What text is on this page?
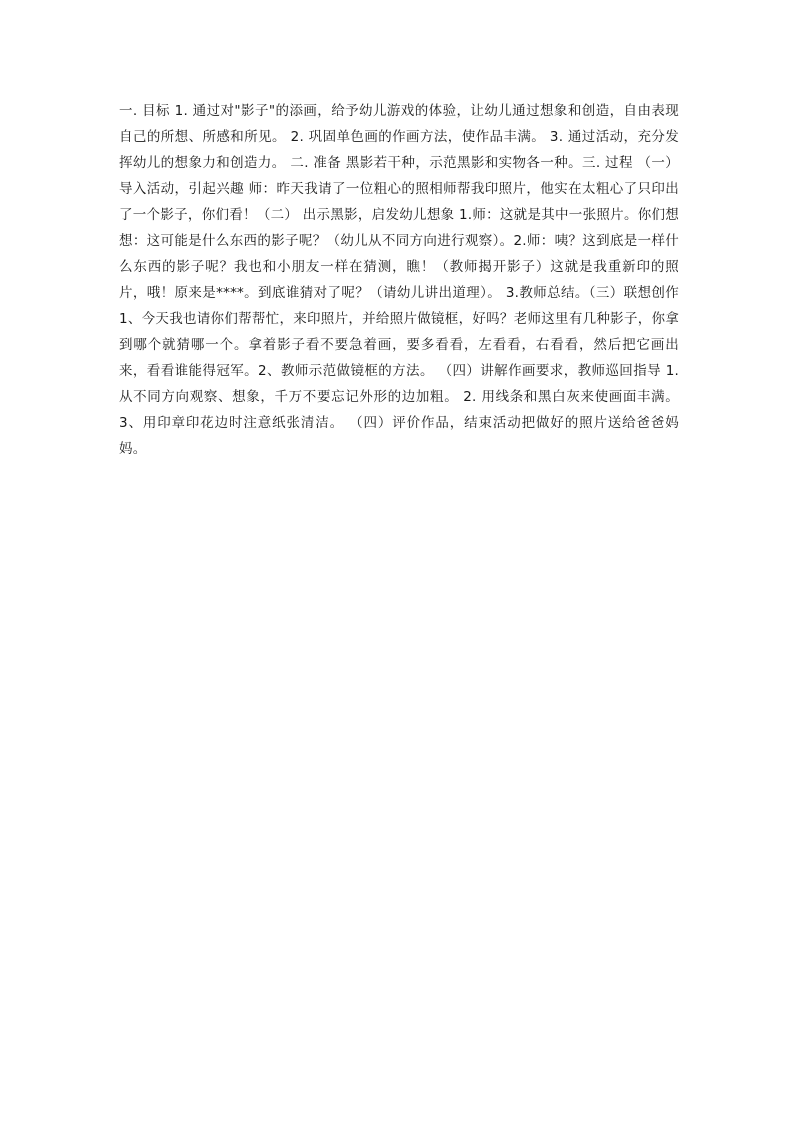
一. 目标 1. 通过对"影子"的添画，给予幼儿游戏的体验，让幼儿通过想象和创造，自由表现自己的所想、所感和所见。 2. 巩固单色画的作画方法，使作品丰满。 3. 通过活动，充分发挥幼儿的想象力和创造力。 二. 准备 黑影若干种，示范黑影和实物各一种。三. 过程 （一）导入活动，引起兴趣 师：昨天我请了一位粗心的照相师帮我印照片，他实在太粗心了只印出了一个影子，你们看！（二） 出示黑影，启发幼儿想象 1.师：这就是其中一张照片。你们想想：这可能是什么东西的影子呢？（幼儿从不同方向进行观察）。2.师：咦？这到底是一样什么东西的影子呢？我也和小朋友一样在猜测，瞧！（教师揭开影子）这就是我重新印的照片，哦！原来是****。到底谁猜对了呢？（请幼儿讲出道理）。 3.教师总结。（三）联想创作 1、今天我也请你们帮帮忙，来印照片，并给照片做镜框，好吗？老师这里有几种影子，你拿到哪个就猜哪一个。拿着影子看不要急着画，要多看看，左看看，右看看，然后把它画出来，看看谁能得冠军。2、教师示范做镜框的方法。 （四）讲解作画要求，教师巡回指导 1. 从不同方向观察、想象，千万不要忘记外形的边加粗。 2. 用线条和黑白灰来使画面丰满。3、用印章印花边时注意纸张清洁。 （四）评价作品，结束活动把做好的照片送给爸爸妈妈。
